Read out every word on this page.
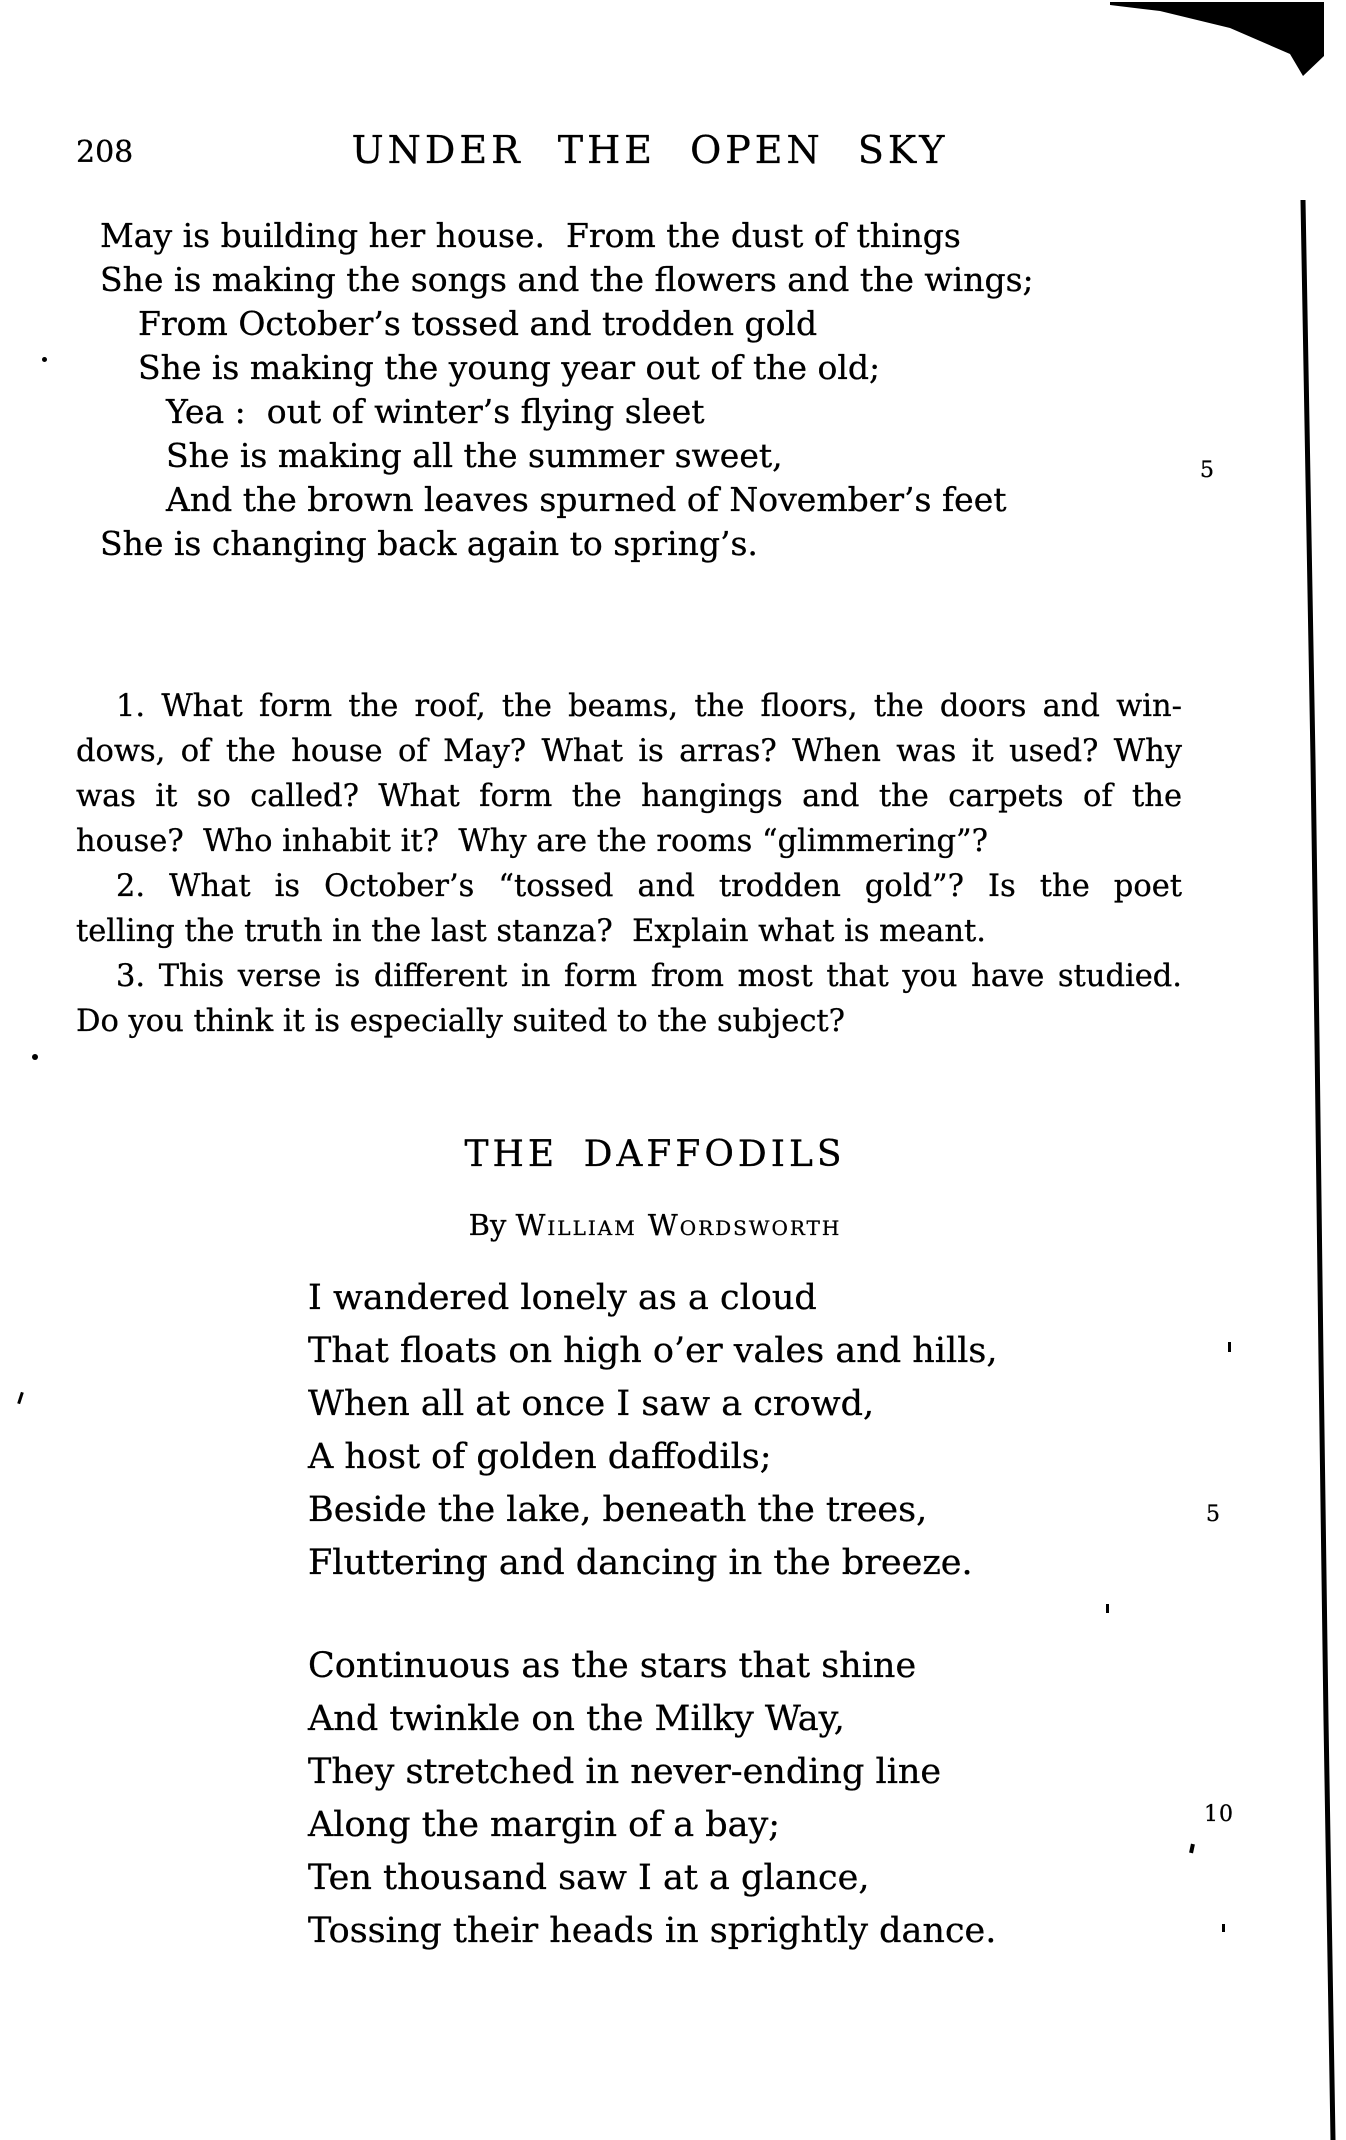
208	UNDER THE OPEN SKY
May is building her house.  From the dust of things
She is making the songs and the flowers and the wings;
From October’s tossed and trodden gold
She is making the young year out of the old;
Yea :  out of winter’s flying sleet
She is making all the summer sweet,
And the brown leaves spurned of November’s feet
She is changing back again to spring’s.
5
1. What form the roof, the beams, the floors, the doors and win-
dows, of the house of May? What is arras? When was it used? Why
was it so called? What form the hangings and the carpets of the
house?  Who inhabit it?  Why are the rooms “glimmering”?
2. What is October’s “tossed and trodden gold”? Is the poet
telling the truth in the last stanza?  Explain what is meant.
3. This verse is different in form from most that you have studied.
Do you think it is especially suited to the subject?
THE DAFFODILS
By William Wordsworth
I wandered lonely as a cloud
That floats on high o’er vales and hills,
When all at once I saw a crowd,
A host of golden daffodils;
Beside the lake, beneath the trees,
Fluttering and dancing in the breeze.
Continuous as the stars that shine
And twinkle on the Milky Way,
They stretched in never-ending line
Along the margin of a bay;
Ten thousand saw I at a glance,
Tossing their heads in sprightly dance.
5
10
